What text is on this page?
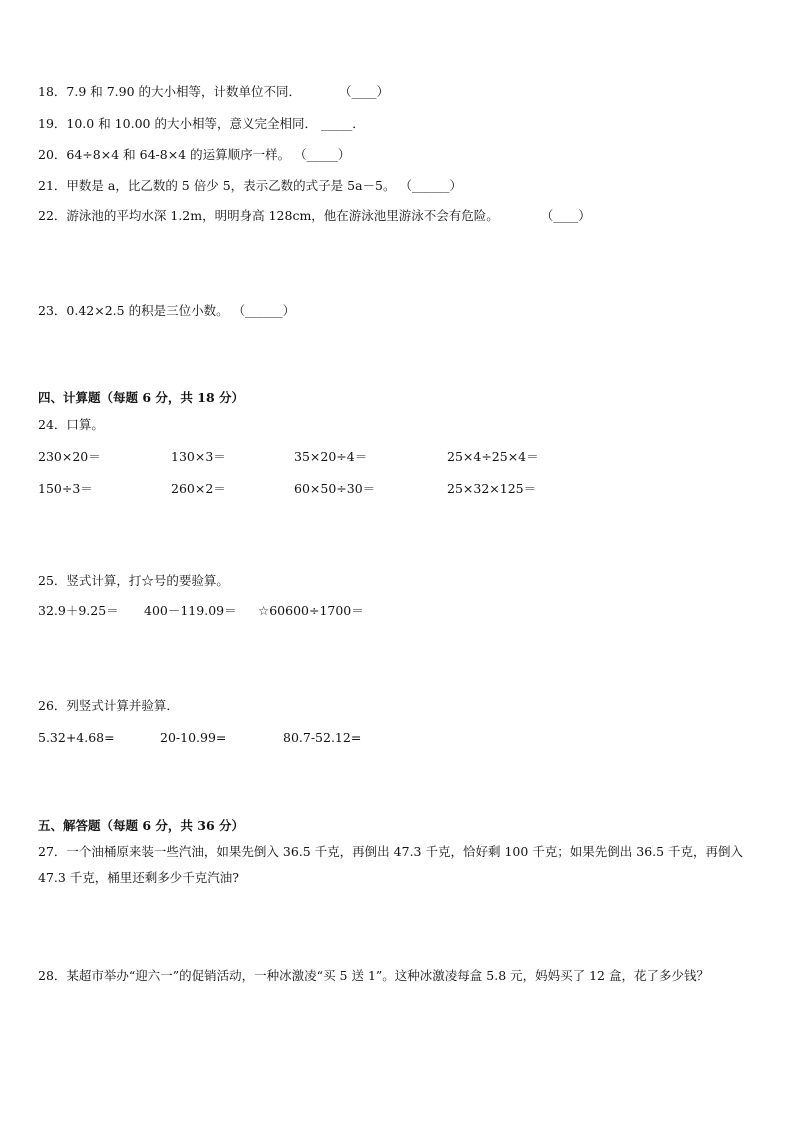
18．7.9 和 7.90 的大小相等，计数单位不同．	（____）
19．10.0 和 10.00 的大小相等，意义完全相同． _____．
20．64÷8×4 和 64-8×4 的运算顺序一样。 （_____）
21．甲数是 a，比乙数的 5 倍少 5，表示乙数的式子是 5a－5。 （______）
22．游泳池的平均水深 1.2m，明明身高 128cm，他在游泳池里游泳不会有危险。	（____）
23．0.42×2.5 的积是三位小数。 （______）
四、计算题（每题 6 分，共 18 分）
24．口算。
230×20＝	130×3＝	35×20÷4＝	25×4÷25×4＝
150÷3＝	260×2＝	60×50÷30＝	25×32×125＝
25．竖式计算，打☆号的要验算。
32.9＋9.25＝ 400－119.09＝ ☆60600÷1700＝
26．列竖式计算并验算．
5.32+4.68=	20-10.99=	80.7-52.12=
五、解答题（每题 6 分，共 36 分）
27．一个油桶原来装一些汽油，如果先倒入 36.5 千克，再倒出 47.3 千克，恰好剩 100 千克；如果先倒出 36.5 千克，再倒入 47.3 千克，桶里还剩多少千克汽油?
28．某超市举办“迎六一”的促销活动，一种冰激凌“买 5 送 1”。这种冰激凌每盒 5.8 元，妈妈买了 12 盒，花了多少钱？
